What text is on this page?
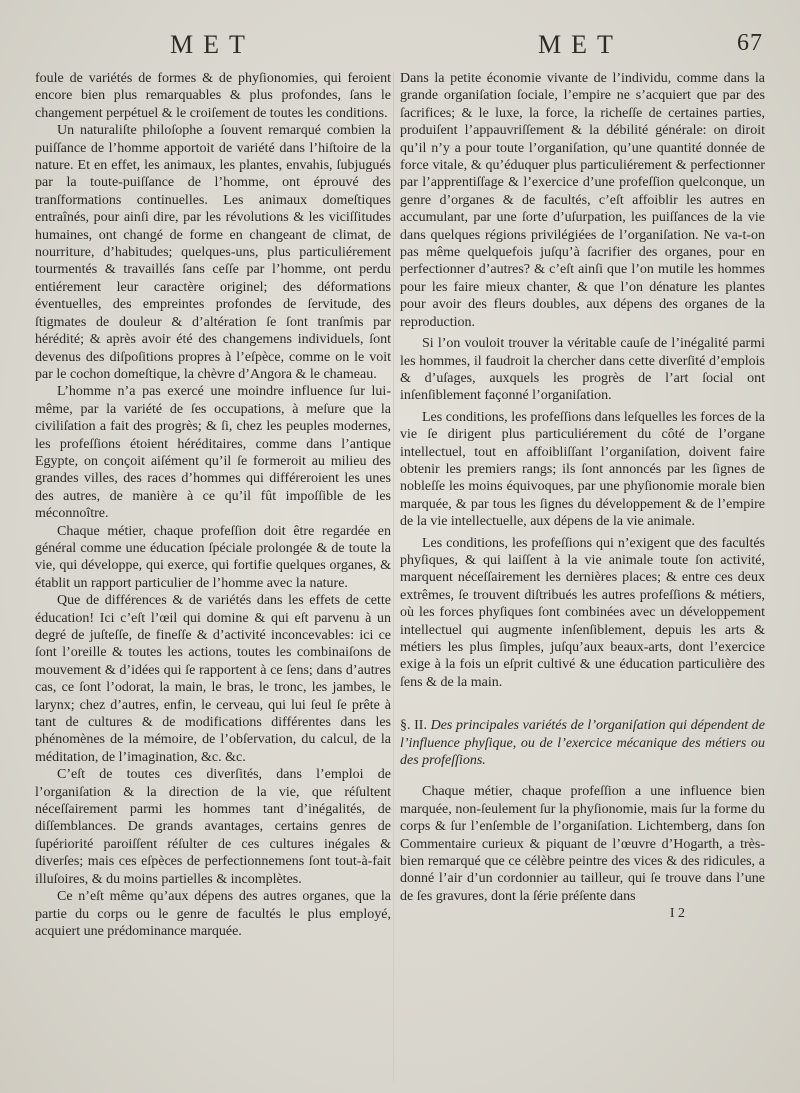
MET	MET	67

foule de variétés de formes & de phyſionomies, qui feroient encore bien plus remarquables & plus profondes, ſans le changement perpétuel & le croiſement de toutes les conditions.

Un naturaliſte philoſophe a ſouvent remarqué combien la puiſſance de l’homme apportoit de variété dans l’hiſtoire de la nature. Et en effet, les animaux, les plantes, envahis, ſubjugués par la toute-puiſſance de l’homme, ont éprouvé des tranſformations continuelles. Les animaux domeſtiques entraînés, pour ainſi dire, par les révolutions & les viciſſitudes humaines, ont changé de forme en changeant de climat, de nourriture, d’habitudes; quelques-uns, plus particuliérement tourmentés & travaillés ſans ceſſe par l’homme, ont perdu entiérement leur caractère originel; des déformations éventuelles, des empreintes profondes de ſervitude, des ſtigmates de douleur & d’altération ſe ſont tranſmis par hérédité; & après avoir été des changemens individuels, ſont devenus des diſpoſitions propres à l’eſpèce, comme on le voit par le cochon domeſtique, la chèvre d’Angora & le chameau.

L’homme n’a pas exercé une moindre influence ſur lui-même, par la variété de ſes occupations, à meſure que la civiliſation a fait des progrès; & ſi, chez les peuples modernes, les profeſſions étoient héréditaires, comme dans l’antique Egypte, on conçoit aiſément qu’il ſe formeroit au milieu des grandes villes, des races d’hommes qui différeroient les unes des autres, de manière à ce qu’il fût impoſſible de les méconnoître.

Chaque métier, chaque profeſſion doit être regardée en général comme une éducation ſpéciale prolongée & de toute la vie, qui développe, qui exerce, qui fortifie quelques organes, & établit un rapport particulier de l’homme avec la nature.

Que de différences & de variétés dans les effets de cette éducation! Ici c’eſt l’œil qui domine & qui eſt parvenu à un degré de juſteſſe, de fineſſe & d’activité inconcevables: ici ce ſont l’oreille & toutes les actions, toutes les combinaiſons de mouvement & d’idées qui ſe rapportent à ce ſens; dans d’autres cas, ce ſont l’odorat, la main, le bras, le tronc, les jambes, le larynx; chez d’autres, enfin, le cerveau, qui lui ſeul ſe prête à tant de cultures & de modifications différentes dans les phénomènes de la mémoire, de l’obſervation, du calcul, de la méditation, de l’imagination, &c. &c.

C’eſt de toutes ces diverſités, dans l’emploi de l’organiſation & la direction de la vie, que réſultent néceſſairement parmi les hommes tant d’inégalités, de diſſemblances. De grands avantages, certains genres de ſupériorité paroiſſent réſulter de ces cultures inégales & diverſes; mais ces eſpèces de perfectionnemens ſont tout-à-fait illuſoires, & du moins partielles & incomplètes.

Ce n’eſt même qu’aux dépens des autres organes, que la partie du corps ou le genre de facultés le plus employé, acquiert une prédominance marquée.

Dans la petite économie vivante de l’individu, comme dans la grande organiſation ſociale, l’empire ne s’acquiert que par des ſacrifices; & le luxe, la force, la richeſſe de certaines parties, produiſent l’appauvriſſement & la débilité générale: on diroit qu’il n’y a pour toute l’organiſation, qu’une quantité donnée de force vitale, & qu’éduquer plus particuliérement & perfectionner par l’apprentiſſage & l’exercice d’une profeſſion quelconque, un genre d’organes & de facultés, c’eſt affoiblir les autres en accumulant, par une ſorte d’uſurpation, les puiſſances de la vie dans quelques régions privilégiées de l’organiſation. Ne va-t-on pas même quelquefois juſqu’à ſacrifier des organes, pour en perfectionner d’autres? & c’eſt ainſi que l’on mutile les hommes pour les faire mieux chanter, & que l’on dénature les plantes pour avoir des fleurs doubles, aux dépens des organes de la reproduction.

Si l’on vouloit trouver la véritable cauſe de l’inégalité parmi les hommes, il faudroit la chercher dans cette diverſité d’emplois & d’uſages, auxquels les progrès de l’art ſocial ont inſenſiblement façonné l’organiſation.

Les conditions, les profeſſions dans leſquelles les forces de la vie ſe dirigent plus particuliérement du côté de l’organe intellectuel, tout en affoibliſſant l’organiſation, doivent faire obtenir les premiers rangs; ils ſont annoncés par les ſignes de nobleſſe les moins équivoques, par une phyſionomie morale bien marquée, & par tous les ſignes du développement & de l’empire de la vie intellectuelle, aux dépens de la vie animale.

Les conditions, les profeſſions qui n’exigent que des facultés phyſiques, & qui laiſſent à la vie animale toute ſon activité, marquent néceſſairement les dernières places; & entre ces deux extrêmes, ſe trouvent diſtribués les autres profeſſions & métiers, où les forces phyſiques ſont combinées avec un développement intellectuel qui augmente inſenſiblement, depuis les arts & métiers les plus ſimples, juſqu’aux beaux-arts, dont l’exercice exige à la fois un eſprit cultivé & une éducation particulière des ſens & de la main.

§. II. Des principales variétés de l’organiſation qui dépendent de l’influence phyſique, ou de l’exercice mécanique des métiers ou des profeſſions.

Chaque métier, chaque profeſſion a une influence bien marquée, non-ſeulement ſur la phyſionomie, mais ſur la forme du corps & ſur l’enſemble de l’organiſation. Lichtemberg, dans ſon Commentaire curieux & piquant de l’œuvre d’Hogarth, a très-bien remarqué que ce célèbre peintre des vices & des ridicules, a donné l’air d’un cordonnier au tailleur, qui ſe trouve dans l’une de ſes gravures, dont la ſérie préſente dans

I 2
